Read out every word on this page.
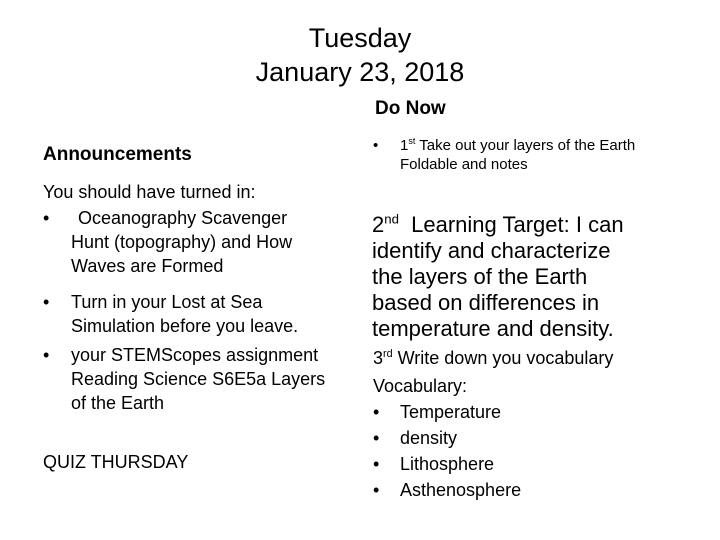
Tuesday
January 23, 2018
Announcements
You should have turned in:
• Oceanography Scavenger
Hunt (topography) and How
Waves are Formed
• Turn in your Lost at Sea
Simulation before you leave.
• your STEMScopes assignment
Reading Science S6E5a Layers
of the Earth
QUIZ THURSDAY
Do Now
• 1st Take out your layers of the Earth
Foldable and notes
2nd  Learning Target: I can
identify and characterize
the layers of the Earth
based on differences in
temperature and density.
3rd Write down you vocabulary
Vocabulary:
• Temperature
• density
• Lithosphere
• Asthenosphere
